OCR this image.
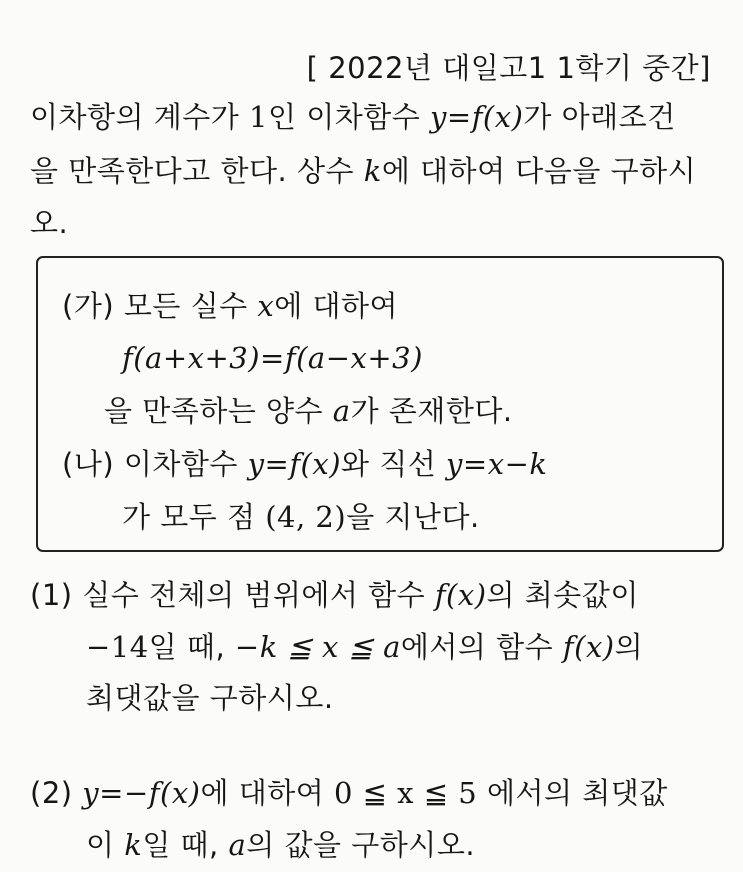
[ 2022년 대일고1 1학기 중간]
이차항의 계수가 1인 이차함수 y=f(x)가 아래조건
을 만족한다고 한다. 상수 k에 대하여 다음을 구하시
오.
(가) 모든 실수 x에 대하여
f(a+x+3)=f(a−x+3)
을 만족하는 양수 a가 존재한다.
(나) 이차함수 y=f(x)와 직선 y=x−k
가 모두 점 (4, 2)을 지난다.
(1) 실수 전체의 범위에서 함수 f(x)의 최솟값이
−14일 때, −k ≦ x ≦ a에서의 함수 f(x)의
최댓값을 구하시오.
(2) y=−f(x)에 대하여 0 ≦ x ≦ 5 에서의 최댓값
이 k일 때, a의 값을 구하시오.
